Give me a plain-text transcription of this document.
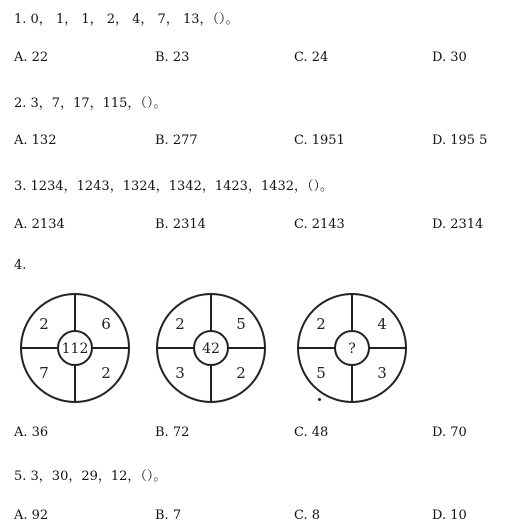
1. 0， 1， 1， 2， 4， 7， 13，（）。
A. 22	B. 23	C. 24	D. 30
2. 3，7，17，115，（）。
A. 132	B. 277	C. 1951	D. 195 5
3. 1234，1243，1324，1342，1423，1432，（）。
A. 2134	B. 2314	C. 2143	D. 2314
4.
2	6
7	2
112
2	5
3	2
42
2	4
5	3
?
A. 36	B. 72	C. 48	D. 70
5. 3，30，29，12，（）。
A. 92	B. 7	C. 8	D. 10
